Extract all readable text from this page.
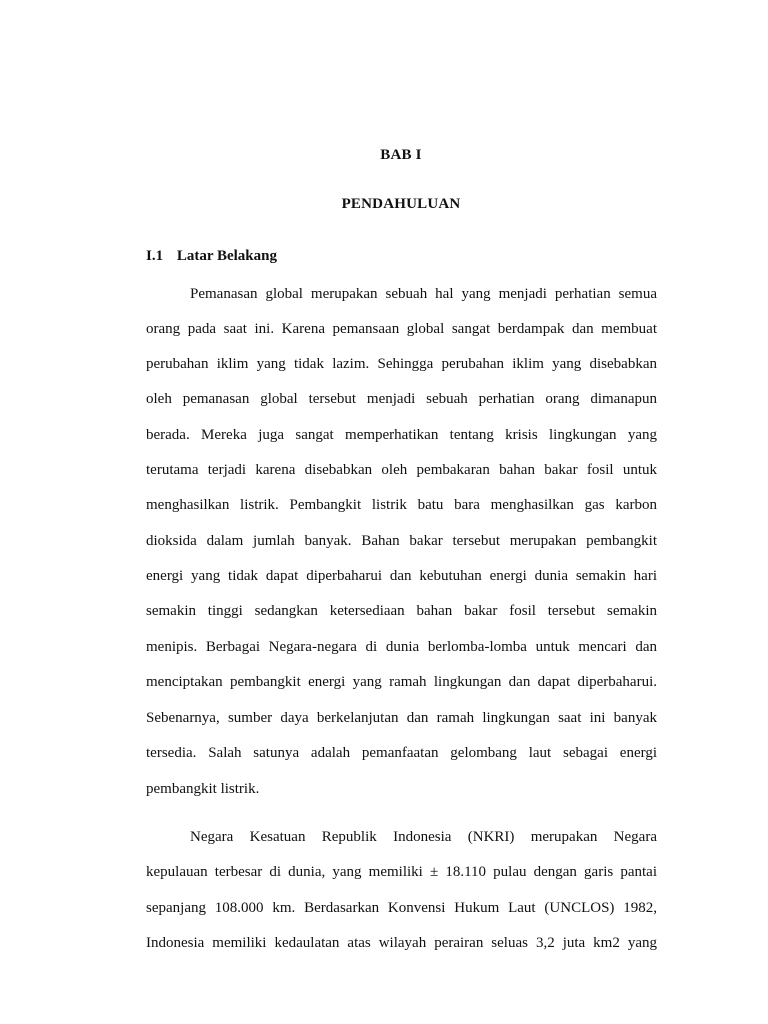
BAB I
PENDAHULUAN
I.1 Latar Belakang
Pemanasan global merupakan sebuah hal yang menjadi perhatian semua
orang pada saat ini. Karena pemansaan global sangat berdampak dan membuat
perubahan iklim yang tidak lazim. Sehingga perubahan iklim yang disebabkan
oleh pemanasan global tersebut menjadi sebuah perhatian orang dimanapun
berada. Mereka juga sangat memperhatikan tentang krisis lingkungan yang
terutama terjadi karena disebabkan oleh pembakaran bahan bakar fosil untuk
menghasilkan listrik. Pembangkit listrik batu bara menghasilkan gas karbon
dioksida dalam jumlah banyak. Bahan bakar tersebut merupakan pembangkit
energi yang tidak dapat diperbaharui dan kebutuhan energi dunia semakin hari
semakin tinggi sedangkan ketersediaan bahan bakar fosil tersebut semakin
menipis. Berbagai Negara-negara di dunia berlomba-lomba untuk mencari dan
menciptakan pembangkit energi yang ramah lingkungan dan dapat diperbaharui.
Sebenarnya, sumber daya berkelanjutan dan ramah lingkungan saat ini banyak
tersedia. Salah satunya adalah pemanfaatan gelombang laut sebagai energi
pembangkit listrik.
Negara Kesatuan Republik Indonesia (NKRI) merupakan Negara
kepulauan terbesar di dunia, yang memiliki ± 18.110 pulau dengan garis pantai
sepanjang 108.000 km. Berdasarkan Konvensi Hukum Laut (UNCLOS) 1982,
Indonesia memiliki kedaulatan atas wilayah perairan seluas 3,2 juta km2 yang
